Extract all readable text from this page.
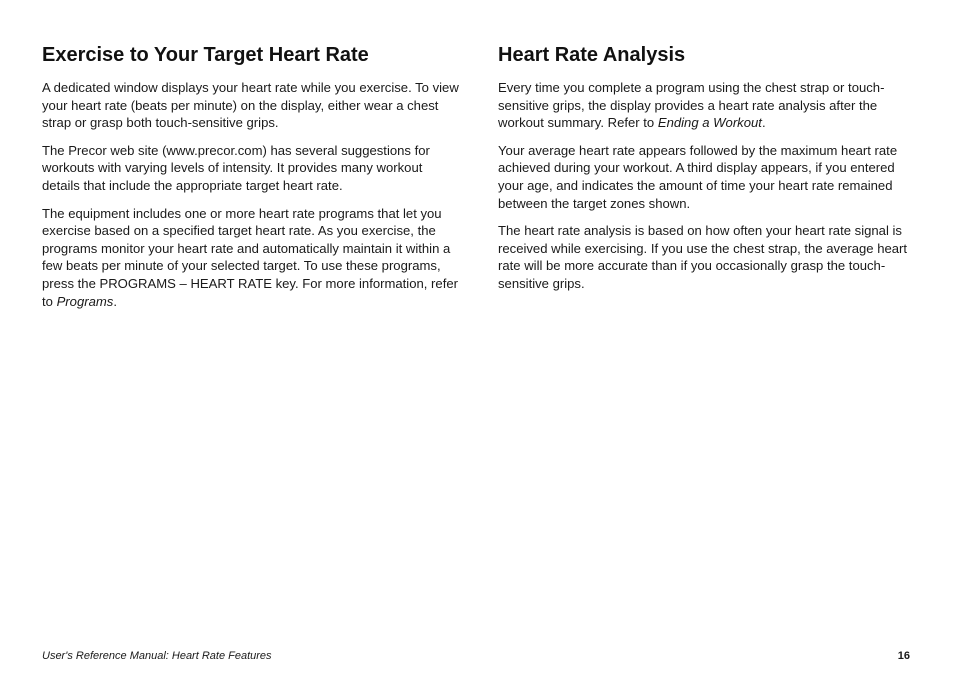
Exercise to Your Target Heart Rate

A dedicated window displays your heart rate while you exercise. To view your heart rate (beats per minute) on the display, either wear a chest strap or grasp both touch-sensitive grips.

The Precor web site (www.precor.com) has several suggestions for workouts with varying levels of intensity. It provides many workout details that include the appropriate target heart rate.

The equipment includes one or more heart rate programs that let you exercise based on a specified target heart rate. As you exercise, the programs monitor your heart rate and automatically maintain it within a few beats per minute of your selected target. To use these programs, press the PROGRAMS – HEART RATE key. For more information, refer to Programs.

Heart Rate Analysis

Every time you complete a program using the chest strap or touch-sensitive grips, the display provides a heart rate analysis after the workout summary. Refer to Ending a Workout.

Your average heart rate appears followed by the maximum heart rate achieved during your workout. A third display appears, if you entered your age, and indicates the amount of time your heart rate remained between the target zones shown.

The heart rate analysis is based on how often your heart rate signal is received while exercising. If you use the chest strap, the average heart rate will be more accurate than if you occasionally grasp the touch-sensitive grips.

User's Reference Manual: Heart Rate Features	16
